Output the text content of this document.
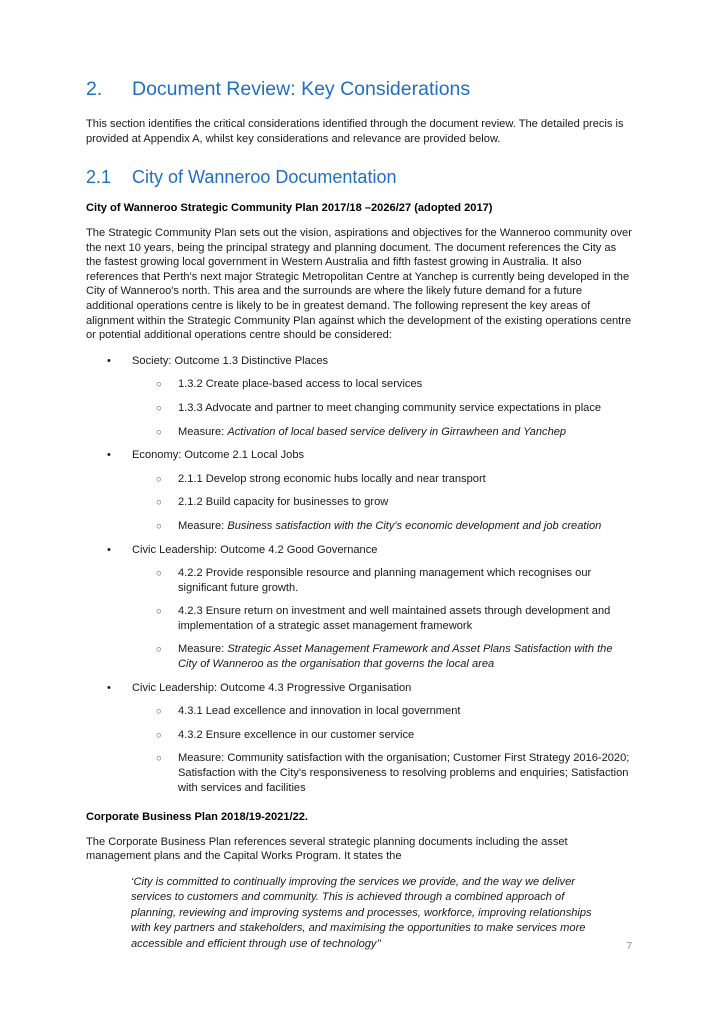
2.	Document Review: Key Considerations

This section identifies the critical considerations identified through the document review. The detailed precis is provided at Appendix A, whilst key considerations and relevance are provided below.

2.1	City of Wanneroo Documentation

City of Wanneroo Strategic Community Plan 2017/18 –2026/27 (adopted 2017)

The Strategic Community Plan sets out the vision, aspirations and objectives for the Wanneroo community over the next 10 years, being the principal strategy and planning document. The document references the City as the fastest growing local government in Western Australia and fifth fastest growing in Australia. It also references that Perth's next major Strategic Metropolitan Centre at Yanchep is currently being developed in the City of Wanneroo's north. This area and the surrounds are where the likely future demand for a future additional operations centre is likely to be in greatest demand. The following represent the key areas of alignment within the Strategic Community Plan against which the development of the existing operations centre or potential additional operations centre should be considered:

• Society: Outcome 1.3 Distinctive Places
○ 1.3.2 Create place-based access to local services
○ 1.3.3 Advocate and partner to meet changing community service expectations in place
○ Measure: Activation of local based service delivery in Girrawheen and Yanchep
• Economy: Outcome 2.1 Local Jobs
○ 2.1.1 Develop strong economic hubs locally and near transport
○ 2.1.2 Build capacity for businesses to grow
○ Measure: Business satisfaction with the City's economic development and job creation
• Civic Leadership: Outcome 4.2 Good Governance
○ 4.2.2 Provide responsible resource and planning management which recognises our significant future growth.
○ 4.2.3 Ensure return on investment and well maintained assets through development and implementation of a strategic asset management framework
○ Measure: Strategic Asset Management Framework and Asset Plans Satisfaction with the City of Wanneroo as the organisation that governs the local area
• Civic Leadership: Outcome 4.3 Progressive Organisation
○ 4.3.1 Lead excellence and innovation in local government
○ 4.3.2 Ensure excellence in our customer service
○ Measure: Community satisfaction with the organisation; Customer First Strategy 2016-2020; Satisfaction with the City's responsiveness to resolving problems and enquiries; Satisfaction with services and facilities

Corporate Business Plan 2018/19-2021/22.

The Corporate Business Plan references several strategic planning documents including the asset management plans and the Capital Works Program. It states the

‘City is committed to continually improving the services we provide, and the way we deliver services to customers and community. This is achieved through a combined approach of planning, reviewing and improving systems and processes, workforce, improving relationships with key partners and stakeholders, and maximising the opportunities to make services more accessible and efficient through use of technology’’	7
